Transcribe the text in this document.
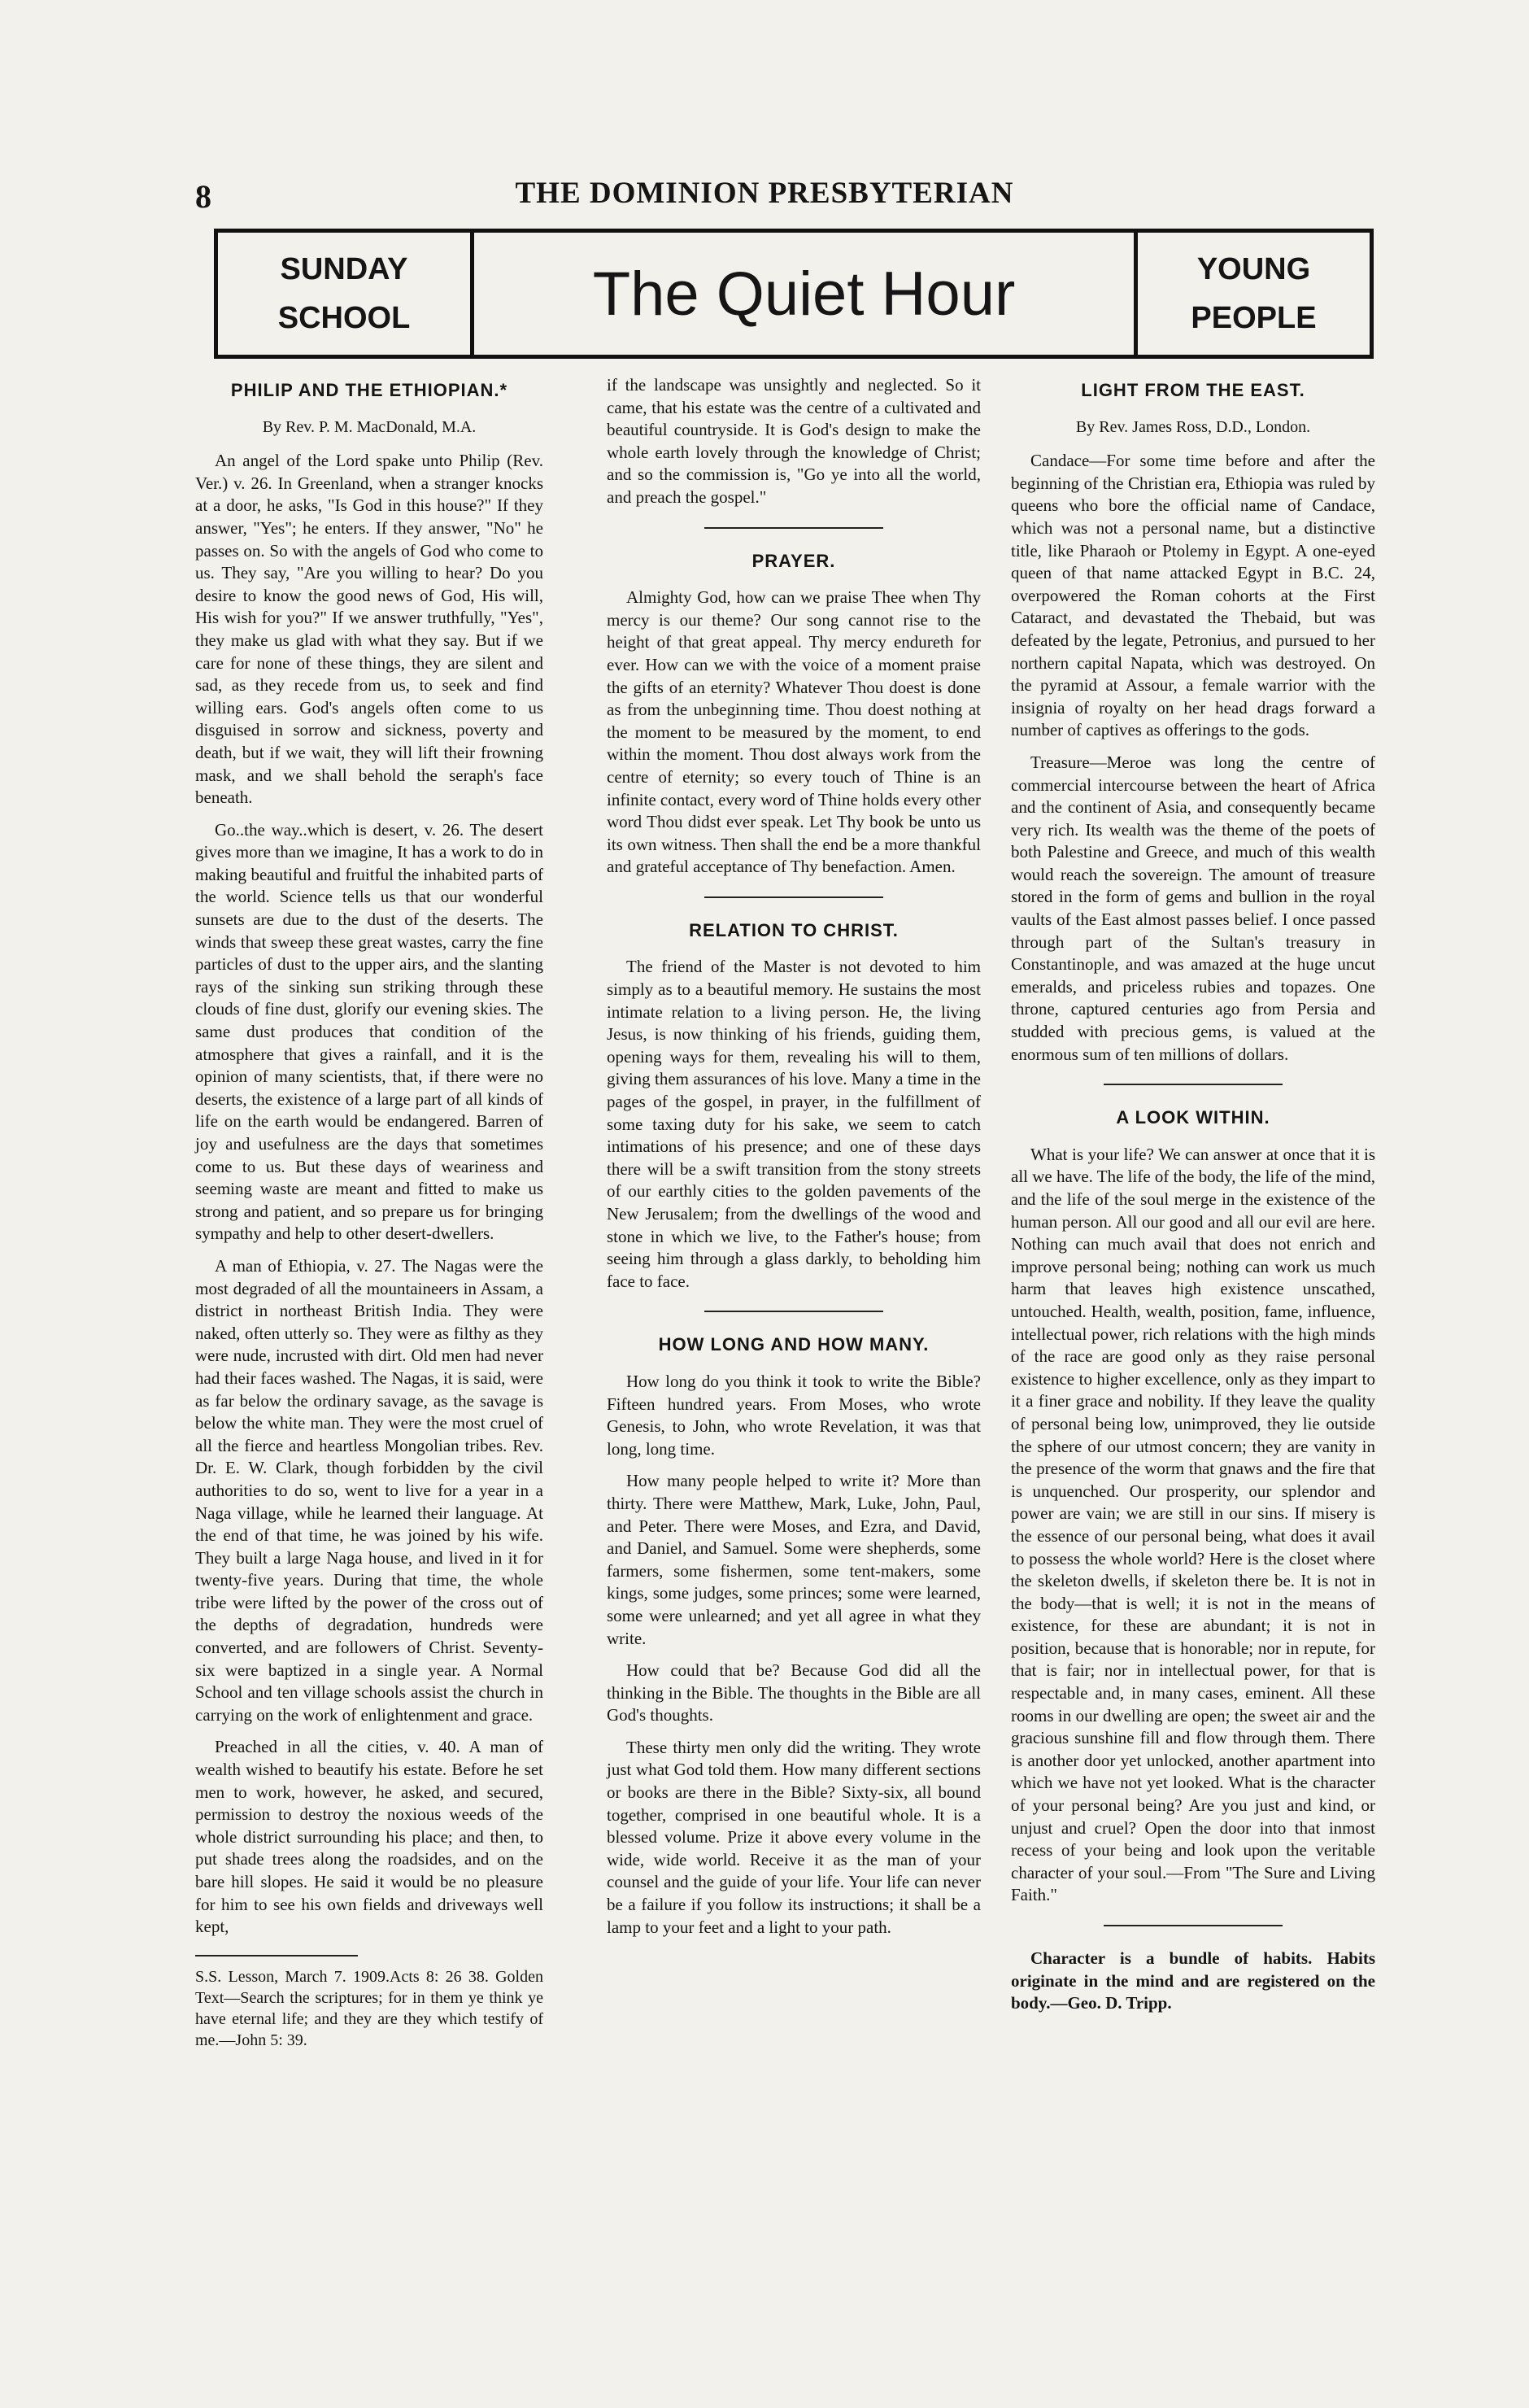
8	THE DOMINION PRESBYTERIAN
SUNDAY
SCHOOL	The Quiet Hour	YOUNG
PEOPLE
PHILIP AND THE ETHIOPIAN.*
By Rev. P. M. MacDonald, M.A.

An angel of the Lord spake unto Philip (Rev. Ver.) v. 26. In Greenland, when a stranger knocks at a door, he asks, "Is God in this house?" If they answer, "Yes"; he enters. If they answer, "No" he passes on. So with the angels of God who come to us. They say, "Are you willing to hear? Do you desire to know the good news of God, His will, His wish for you?" If we answer truthfully, "Yes", they make us glad with what they say. But if we care for none of these things, they are silent and sad, as they recede from us, to seek and find willing ears. God's angels often come to us disguised in sorrow and sickness, poverty and death, but if we wait, they will lift their frowning mask, and we shall behold the seraph's face beneath.

Go..the way..which is desert, v. 26. The desert gives more than we imagine, It has a work to do in making beautiful and fruitful the inhabited parts of the world. Science tells us that our wonderful sunsets are due to the dust of the deserts. The winds that sweep these great wastes, carry the fine particles of dust to the upper airs, and the slanting rays of the sinking sun striking through these clouds of fine dust, glorify our evening skies. The same dust produces that condition of the atmosphere that gives a rainfall, and it is the opinion of many scientists, that, if there were no deserts, the existence of a large part of all kinds of life on the earth would be endangered. Barren of joy and usefulness are the days that sometimes come to us. But these days of weariness and seeming waste are meant and fitted to make us strong and patient, and so prepare us for bringing sympathy and help to other desert-dwellers.

A man of Ethiopia, v. 27. The Nagas were the most degraded of all the mountaineers in Assam, a district in northeast British India. They were naked, often utterly so. They were as filthy as they were nude, incrusted with dirt. Old men had never had their faces washed. The Nagas, it is said, were as far below the ordinary savage, as the savage is below the white man. They were the most cruel of all the fierce and heartless Mongolian tribes. Rev. Dr. E. W. Clark, though forbidden by the civil authorities to do so, went to live for a year in a Naga village, while he learned their language. At the end of that time, he was joined by his wife. They built a large Naga house, and lived in it for twenty-five years. During that time, the whole tribe were lifted by the power of the cross out of the depths of degradation, hundreds were converted, and are followers of Christ. Seventy-six were baptized in a single year. A Normal School and ten village schools assist the church in carrying on the work of enlightenment and grace.

Preached in all the cities, v. 40. A man of wealth wished to beautify his estate. Before he set men to work, however, he asked, and secured, permission to destroy the noxious weeds of the whole district surrounding his place; and then, to put shade trees along the roadsides, and on the bare hill slopes. He said it would be no pleasure for him to see his own fields and driveways well kept,

S.S. Lesson, March 7. 1909.Acts 8: 26 38. Golden Text—Search the scriptures; for in them ye think ye have eternal life; and they are they which testify of me.—John 5: 39.

if the landscape was unsightly and neglected. So it came, that his estate was the centre of a cultivated and beautiful countryside. It is God's design to make the whole earth lovely through the knowledge of Christ; and so the commission is, "Go ye into all the world, and preach the gospel."

PRAYER.

Almighty God, how can we praise Thee when Thy mercy is our theme? Our song cannot rise to the height of that great appeal. Thy mercy endureth for ever. How can we with the voice of a moment praise the gifts of an eternity? Whatever Thou doest is done as from the unbeginning time. Thou doest nothing at the moment to be measured by the moment, to end within the moment. Thou dost always work from the centre of eternity; so every touch of Thine is an infinite contact, every word of Thine holds every other word Thou didst ever speak. Let Thy book be unto us its own witness. Then shall the end be a more thankful and grateful acceptance of Thy benefaction. Amen.

RELATION TO CHRIST.

The friend of the Master is not devoted to him simply as to a beautiful memory. He sustains the most intimate relation to a living person. He, the living Jesus, is now thinking of his friends, guiding them, opening ways for them, revealing his will to them, giving them assurances of his love. Many a time in the pages of the gospel, in prayer, in the fulfillment of some taxing duty for his sake, we seem to catch intimations of his presence; and one of these days there will be a swift transition from the stony streets of our earthly cities to the golden pavements of the New Jerusalem; from the dwellings of the wood and stone in which we live, to the Father's house; from seeing him through a glass darkly, to beholding him face to face.

HOW LONG AND HOW MANY.

How long do you think it took to write the Bible? Fifteen hundred years. From Moses, who wrote Genesis, to John, who wrote Revelation, it was that long, long time.

How many people helped to write it? More than thirty. There were Matthew, Mark, Luke, John, Paul, and Peter. There were Moses, and Ezra, and David, and Daniel, and Samuel. Some were shepherds, some farmers, some fishermen, some tent-makers, some kings, some judges, some princes; some were learned, some were unlearned; and yet all agree in what they write.

How could that be? Because God did all the thinking in the Bible. The thoughts in the Bible are all God's thoughts.

These thirty men only did the writing. They wrote just what God told them. How many different sections or books are there in the Bible? Sixty-six, all bound together, comprised in one beautiful whole. It is a blessed volume. Prize it above every volume in the wide, wide world. Receive it as the man of your counsel and the guide of your life. Your life can never be a failure if you follow its instructions; it shall be a lamp to your feet and a light to your path.

LIGHT FROM THE EAST.
By Rev. James Ross, D.D., London.

Candace—For some time before and after the beginning of the Christian era, Ethiopia was ruled by queens who bore the official name of Candace, which was not a personal name, but a distinctive title, like Pharaoh or Ptolemy in Egypt. A one-eyed queen of that name attacked Egypt in B.C. 24, overpowered the Roman cohorts at the First Cataract, and devastated the Thebaid, but was defeated by the legate, Petronius, and pursued to her northern capital Napata, which was destroyed. On the pyramid at Assour, a female warrior with the insignia of royalty on her head drags forward a number of captives as offerings to the gods.

Treasure—Meroe was long the centre of commercial intercourse between the heart of Africa and the continent of Asia, and consequently became very rich. Its wealth was the theme of the poets of both Palestine and Greece, and much of this wealth would reach the sovereign. The amount of treasure stored in the form of gems and bullion in the royal vaults of the East almost passes belief. I once passed through part of the Sultan's treasury in Constantinople, and was amazed at the huge uncut emeralds, and priceless rubies and topazes. One throne, captured centuries ago from Persia and studded with precious gems, is valued at the enormous sum of ten millions of dollars.

A LOOK WITHIN.

What is your life? We can answer at once that it is all we have. The life of the body, the life of the mind, and the life of the soul merge in the existence of the human person. All our good and all our evil are here. Nothing can much avail that does not enrich and improve personal being; nothing can work us much harm that leaves high existence unscathed, untouched. Health, wealth, position, fame, influence, intellectual power, rich relations with the high minds of the race are good only as they raise personal existence to higher excellence, only as they impart to it a finer grace and nobility. If they leave the quality of personal being low, unimproved, they lie outside the sphere of our utmost concern; they are vanity in the presence of the worm that gnaws and the fire that is unquenched. Our prosperity, our splendor and power are vain; we are still in our sins. If misery is the essence of our personal being, what does it avail to possess the whole world? Here is the closet where the skeleton dwells, if skeleton there be. It is not in the body—that is well; it is not in the means of existence, for these are abundant; it is not in position, because that is honorable; nor in repute, for that is fair; nor in intellectual power, for that is respectable and, in many cases, eminent. All these rooms in our dwelling are open; the sweet air and the gracious sunshine fill and flow through them. There is another door yet unlocked, another apartment into which we have not yet looked. What is the character of your personal being? Are you just and kind, or unjust and cruel? Open the door into that inmost recess of your being and look upon the veritable character of your soul.—From "The Sure and Living Faith."

Character is a bundle of habits. Habits originate in the mind and are registered on the body.—Geo. D. Tripp.
